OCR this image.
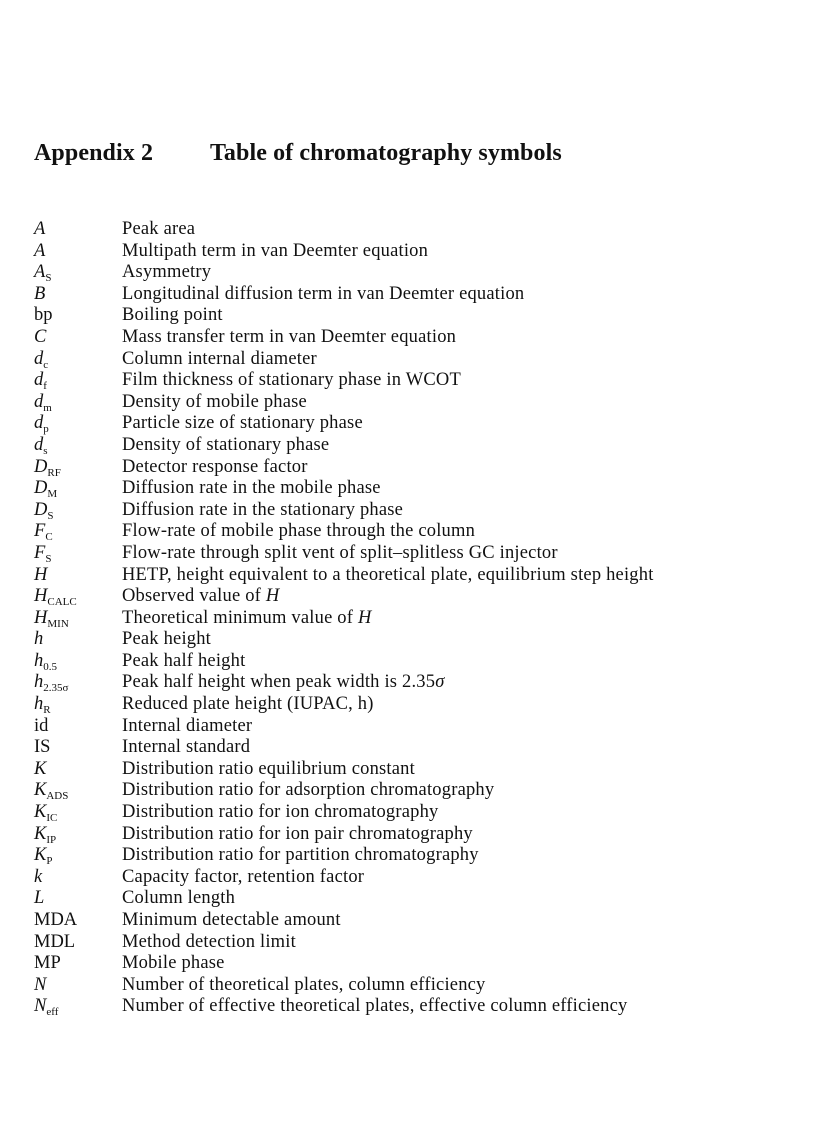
Appendix 2 Table of chromatography symbols
A	Peak area
A	Multipath term in van Deemter equation
$A_S$	Asymmetry
B	Longitudinal diffusion term in van Deemter equation
bp	Boiling point
C	Mass transfer term in van Deemter equation
$d_c$	Column internal diameter
$d_f$	Film thickness of stationary phase in WCOT
$d_m$	Density of mobile phase
$d_p$	Particle size of stationary phase
$d_s$	Density of stationary phase
$D_{RF}$	Detector response factor
$D_M$	Diffusion rate in the mobile phase
$D_S$	Diffusion rate in the stationary phase
$F_C$	Flow-rate of mobile phase through the column
$F_S$	Flow-rate through split vent of split–splitless GC injector
H	HETP, height equivalent to a theoretical plate, equilibrium step height
$H_{CALC}$	Observed value of H
$H_{MIN}$	Theoretical minimum value of H
h	Peak height
$h_{0.5}$	Peak half height
$h_{2.35\sigma}$	Peak half height when peak width is 2.35σ
$h_R$	Reduced plate height (IUPAC, h)
id	Internal diameter
IS	Internal standard
K	Distribution ratio equilibrium constant
$K_{ADS}$	Distribution ratio for adsorption chromatography
$K_{IC}$	Distribution ratio for ion chromatography
$K_{IP}$	Distribution ratio for ion pair chromatography
$K_P$	Distribution ratio for partition chromatography
k	Capacity factor, retention factor
L	Column length
MDA	Minimum detectable amount
MDL	Method detection limit
MP	Mobile phase
N	Number of theoretical plates, column efficiency
$N_{eff}$	Number of effective theoretical plates, effective column efficiency
